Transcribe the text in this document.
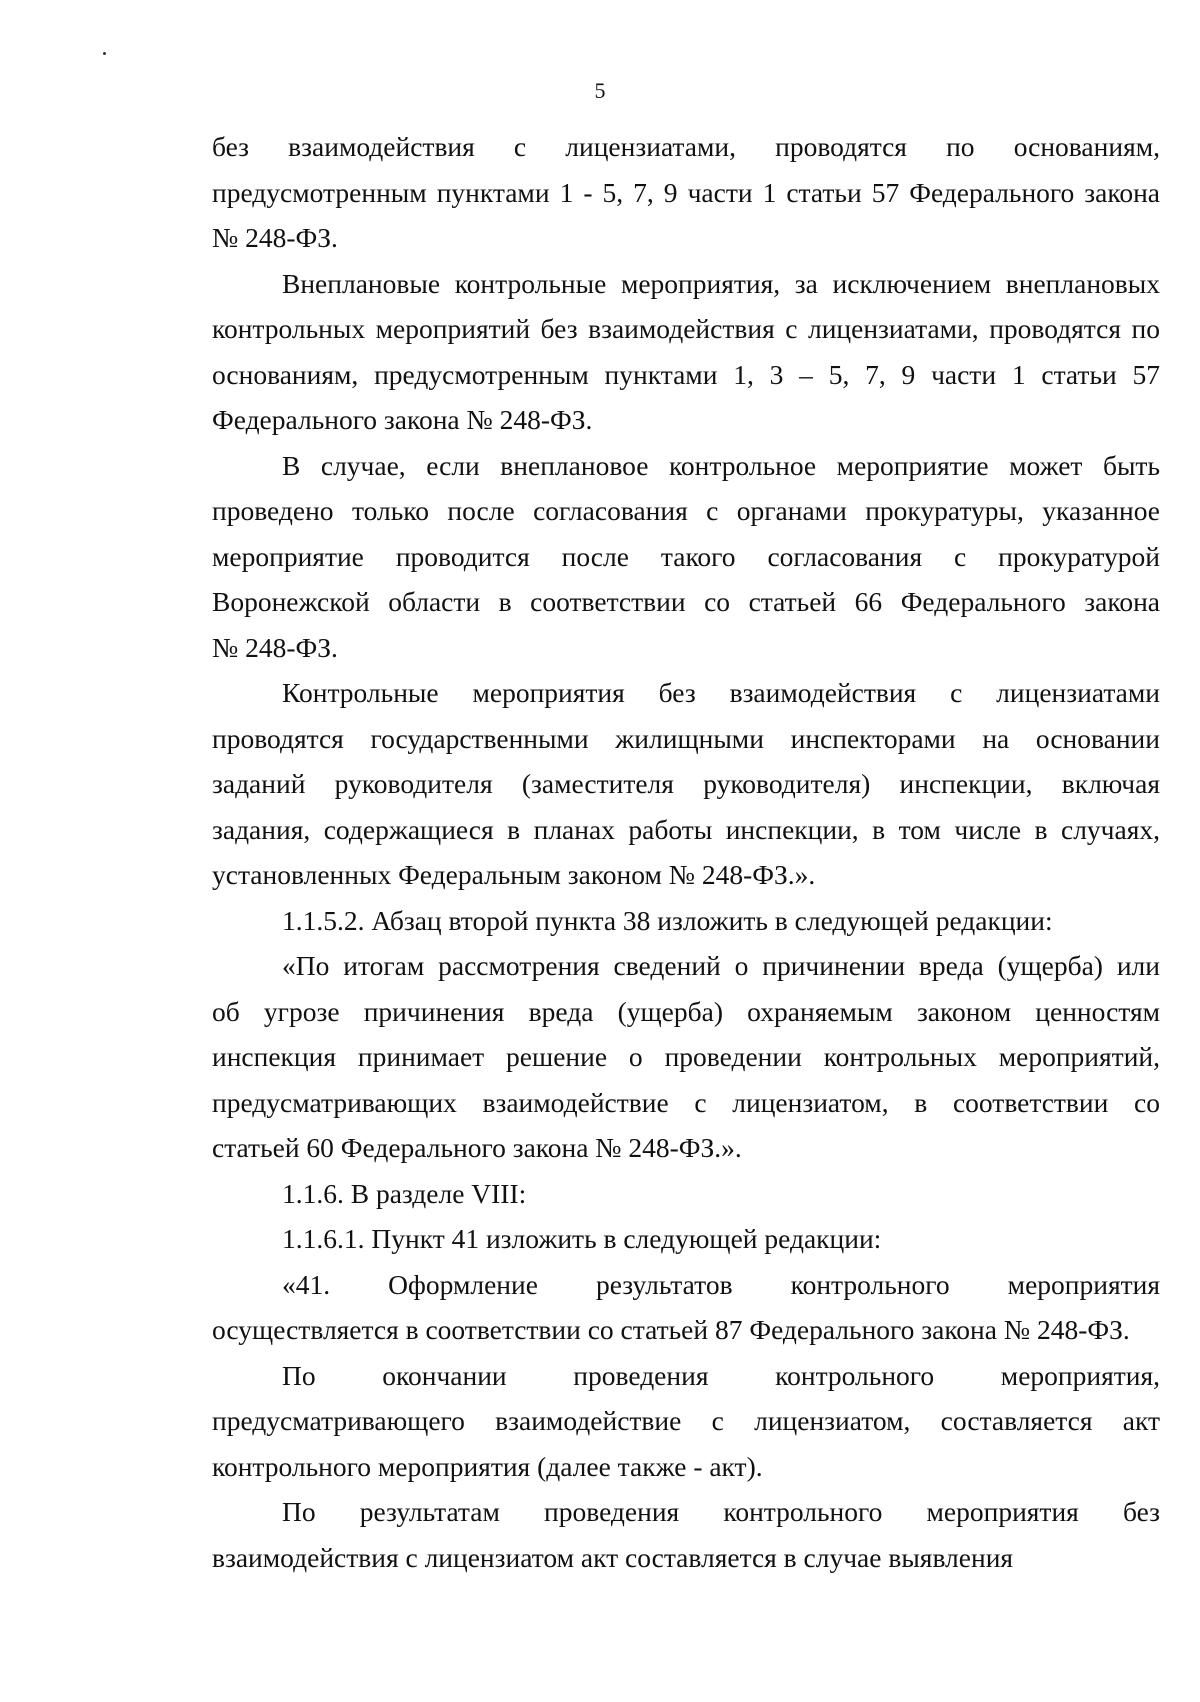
5

без взаимодействия с лицензиатами, проводятся по основаниям,

предусмотренным пунктами 1 - 5, 7, 9 части 1 статьи 57 Федерального закона

№ 248-ФЗ.

Внеплановые контрольные мероприятия, за исключением внеплановых

контрольных мероприятий без взаимодействия с лицензиатами, проводятся по

основаниям, предусмотренным пунктами 1, 3 – 5, 7, 9 части 1 статьи 57

Федерального закона № 248-ФЗ.

В случае, если внеплановое контрольное мероприятие может быть

проведено только после согласования с органами прокуратуры, указанное

мероприятие проводится после такого согласования с прокуратурой

Воронежской области в соответствии со статьей 66 Федерального закона

№ 248-ФЗ.

Контрольные мероприятия без взаимодействия с лицензиатами

проводятся государственными жилищными инспекторами на основании

заданий руководителя (заместителя руководителя) инспекции, включая

задания, содержащиеся в планах работы инспекции, в том числе в случаях,

установленных Федеральным законом № 248-ФЗ.».

1.1.5.2. Абзац второй пункта 38 изложить в следующей редакции:

«По итогам рассмотрения сведений о причинении вреда (ущерба) или

об угрозе причинения вреда (ущерба) охраняемым законом ценностям

инспекция принимает решение о проведении контрольных мероприятий,

предусматривающих взаимодействие с лицензиатом, в соответствии со

статьей 60 Федерального закона № 248-ФЗ.».

1.1.6. В разделе VIII:

1.1.6.1. Пункт 41 изложить в следующей редакции:

«41. Оформление результатов контрольного мероприятия

осуществляется в соответствии со статьей 87 Федерального закона № 248-ФЗ.

По окончании проведения контрольного мероприятия,

предусматривающего взаимодействие с лицензиатом, составляется акт

контрольного мероприятия (далее также - акт).

По результатам проведения контрольного мероприятия без

взаимодействия с лицензиатом акт составляется в случае выявления
